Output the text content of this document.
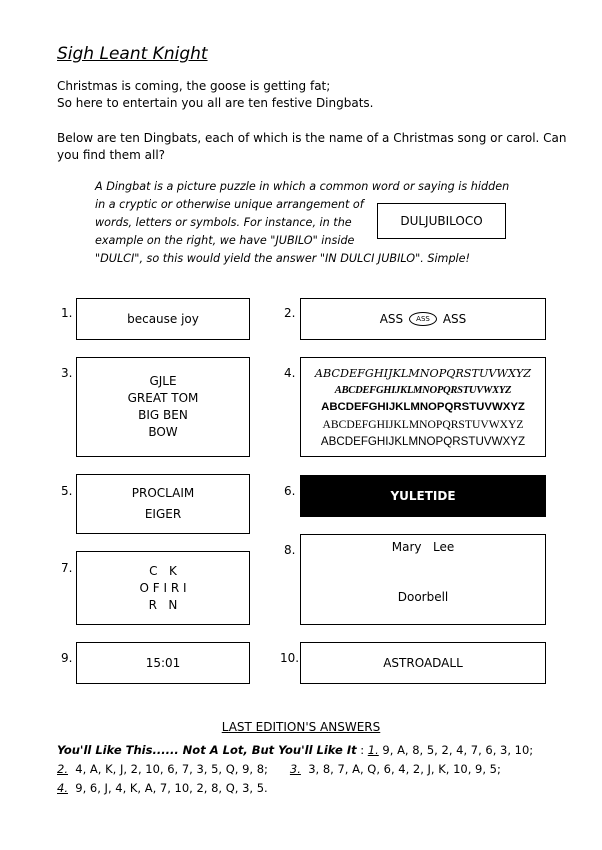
Sigh Leant Knight
Christmas is coming, the goose is getting fat;
So here to entertain you all are ten festive Dingbats.
Below are ten Dingbats, each of which is the name of a Christmas song or carol. Can
you find them all?
A Dingbat is a picture puzzle in which a common word or saying is hidden
in a cryptic or otherwise unique arrangement of
words, letters or symbols. For instance, in the
example on the right, we have "JUBILO" inside
"DULCI", so this would yield the answer "IN DULCI JUBILO". Simple!
DULJUBILOCO
1.	because joy	2.	ASS	ASS	ASS
3.
GJLE
GREAT TOM
BIG BEN
BOW
4. ABCDEFGHIJKLMNOPQRSTUVWXYZ
ABCDEFGHIJKLMNOPQRSTUVWXYZ
ABCDEFGHIJKLMNOPQRSTUVWXYZ
ABCDEFGHIJKLMNOPQRSTUVWXYZ
ABCDEFGHIJKLMNOPQRSTUVWXYZ
5.	PROCLAIM
EIGER
6.	YULETIDE
7.	C   K
O F I R I
R   N
8.	Mary   Lee
Doorbell
9.	15:01	10.	ASTROADALL
LAST EDITION'S ANSWERS
You'll Like This...... Not A Lot, But You'll Like It : 1. 9, A, 8, 5, 2, 4, 7, 6, 3, 10;
2.  4, A, K, J, 2, 10, 6, 7, 3, 5, Q, 9, 8; 3.  3, 8, 7, A, Q, 6, 4, 2, J, K, 10, 9, 5;
4.  9, 6, J, 4, K, A, 7, 10, 2, 8, Q, 3, 5.
